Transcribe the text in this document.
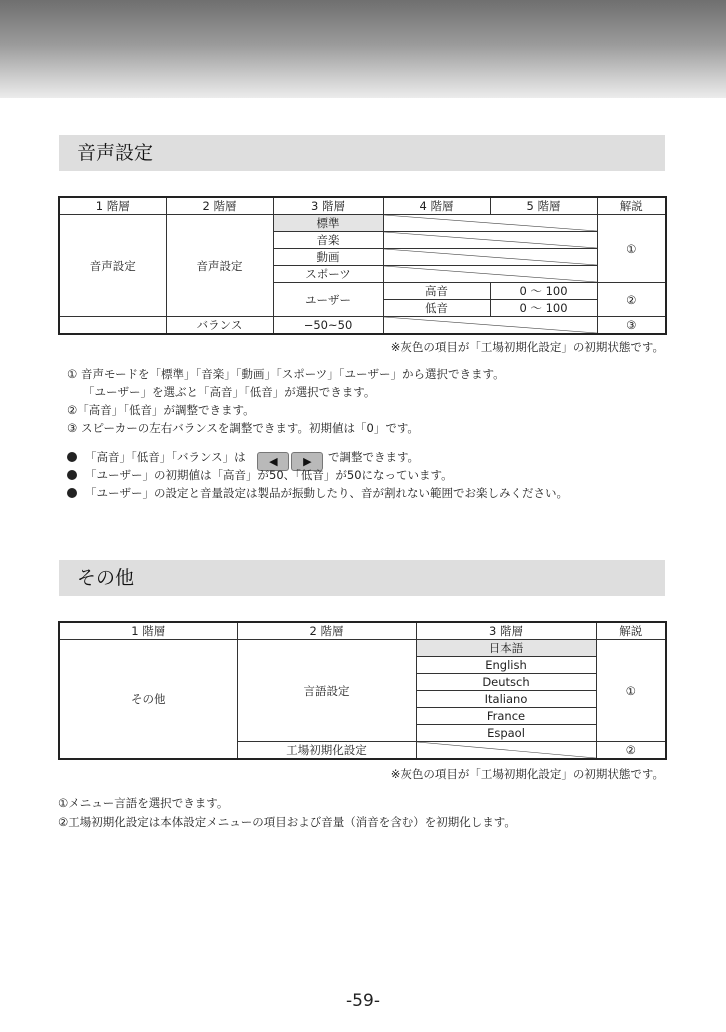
音声設定
1 階層	2 階層	3 階層	4 階層	5 階層	解説
音声設定	音声設定	標準			①
		音楽	

		動画	

		スポーツ	

		ユーザー	高音	0 ～ 100	②
			低音	0 ～ 100	
	バランス	−50~50			③
※灰色の項目が「工場初期化設定」の初期状態です。
① 音声モードを「標準」「音楽」「動画」「スポーツ」「ユーザー」から選択できます。
「ユーザー」を選ぶと「高音」「低音」が選択できます。
②「高音」「低音」が調整できます。
③ スピーカーの左右バランスを調整できます。初期値は「0」です。
「高音」「低音」「バランス」は ◀ ▶ で調整できます。
「ユーザー」の初期値は「高音」が50、「低音」が50になっています。
「ユーザー」の設定と音量設定は製品が振動したり、音が割れない範囲でお楽しみください。
その他
1 階層	2 階層	3 階層	解説
その他	言語設定	日本語	①
		English	
		Deutsch	
		Italiano	
		France	
		Espaol	
	工場初期化設定		②
※灰色の項目が「工場初期化設定」の初期状態です。
①メニュー言語を選択できます。
②工場初期化設定は本体設定メニューの項目および音量（消音を含む）を初期化します。
-59-
